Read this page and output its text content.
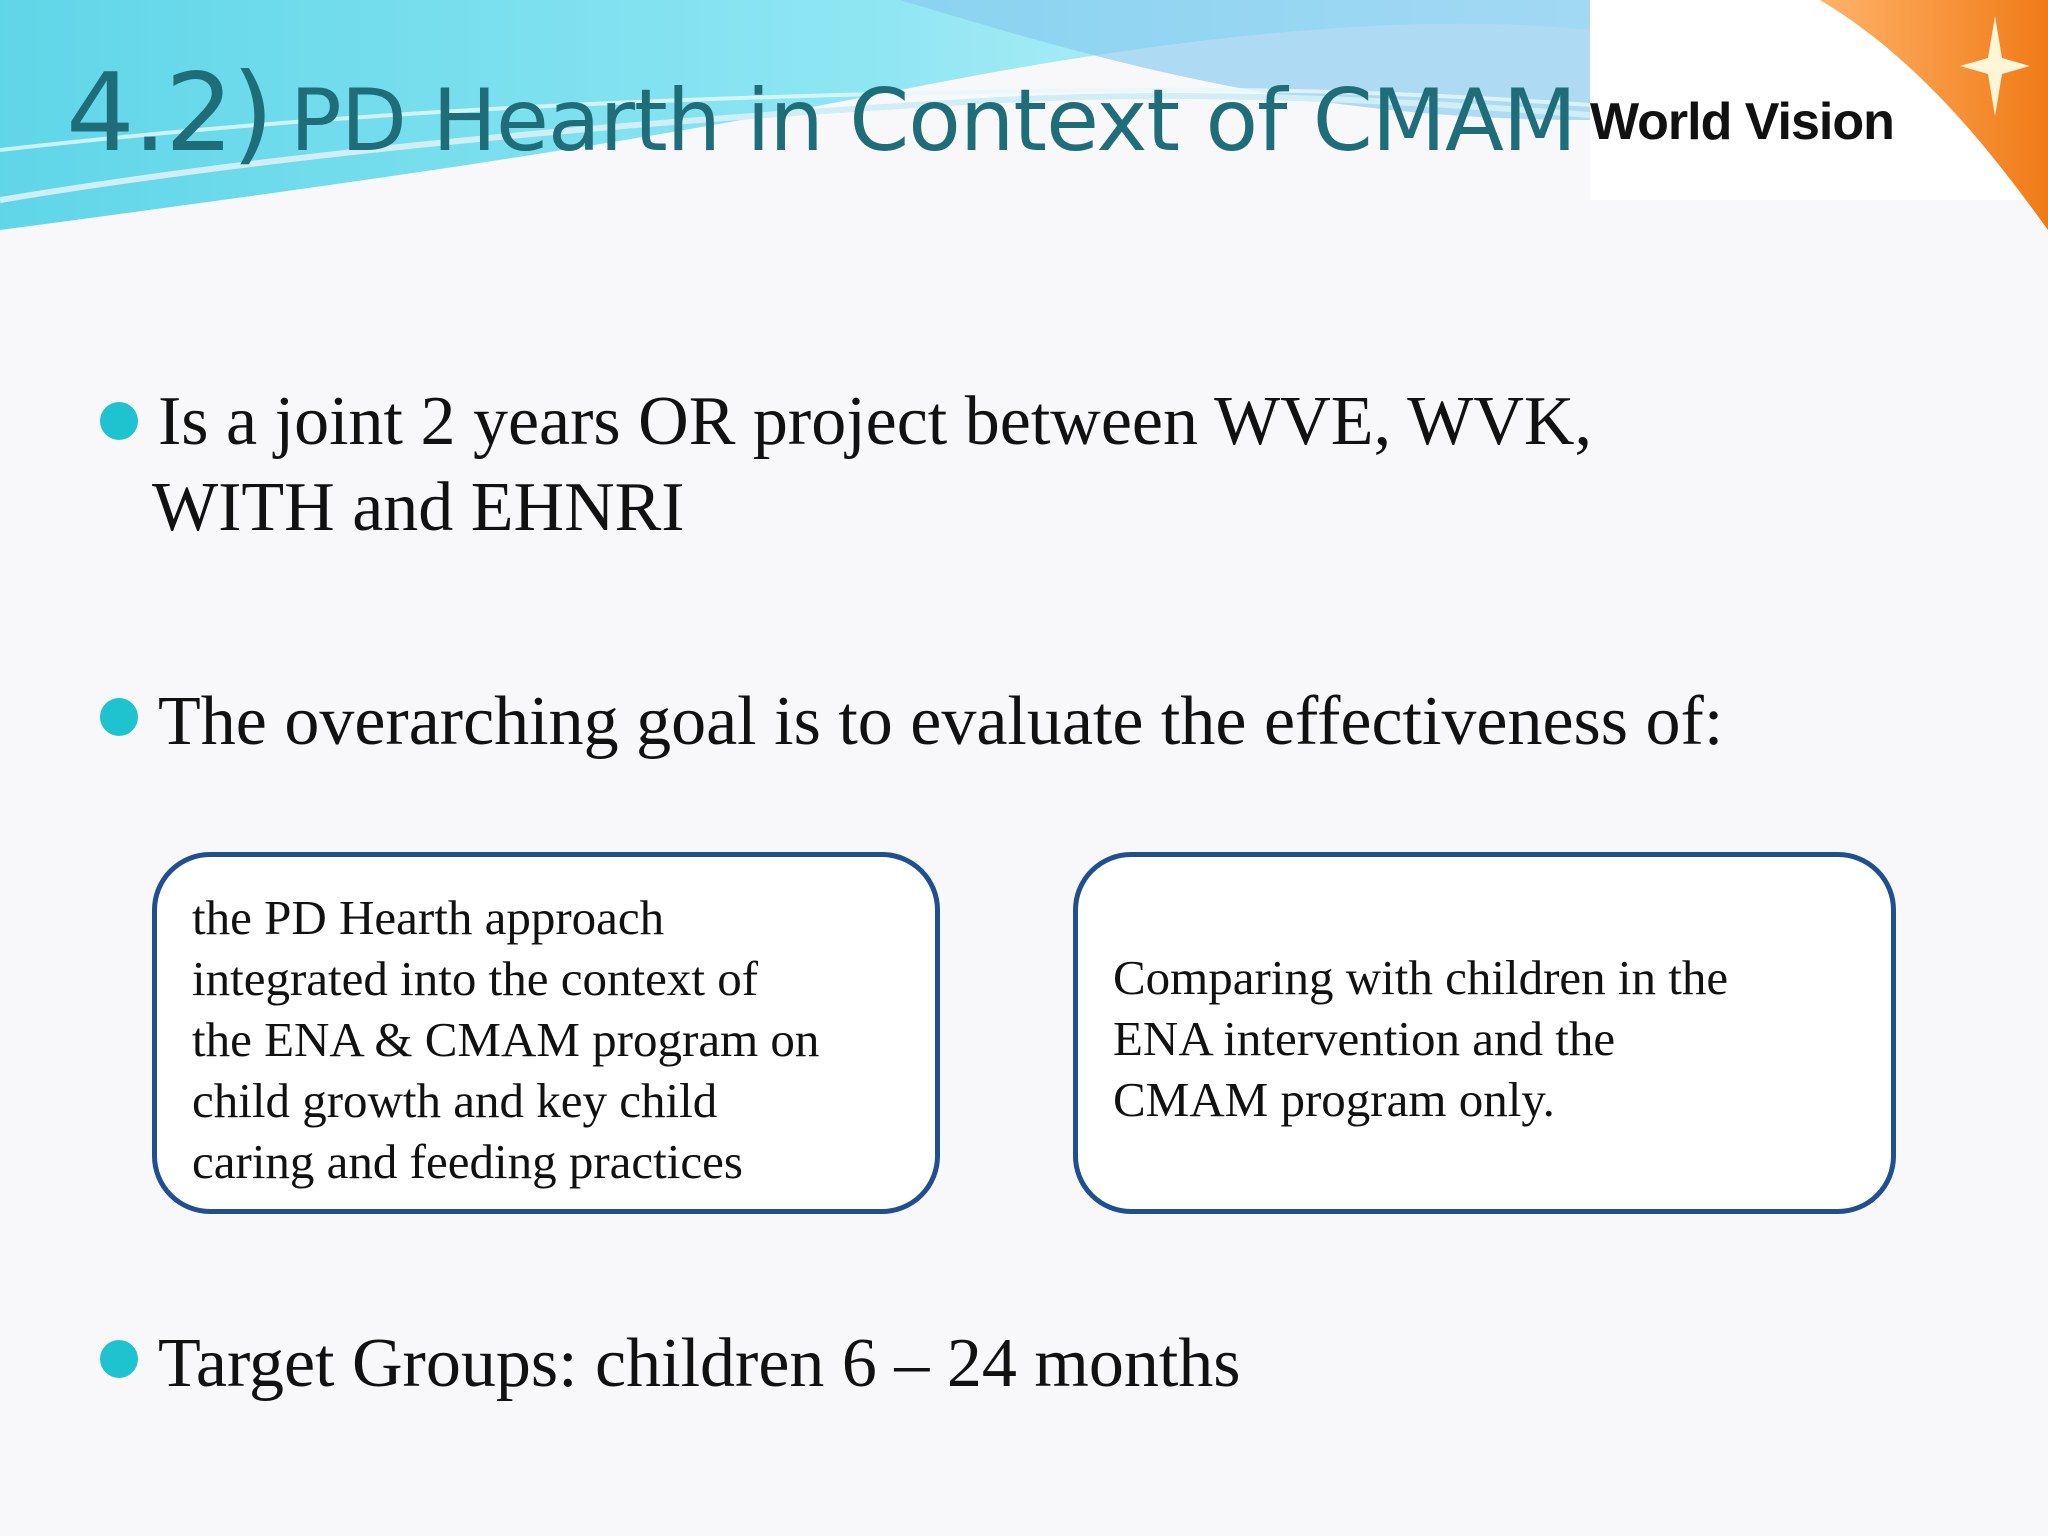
4.2) PD Hearth in Context of CMAM World Vision
Is a joint 2 years OR project between WVE, WVK,
WITH and EHNRI
The overarching goal is to evaluate the effectiveness of:
the PD Hearth approach
integrated into the context of
the ENA & CMAM program on
child growth and key child
caring and feeding practices
Comparing with children in the
ENA intervention and the
CMAM program only.
Target Groups: children 6 – 24 months
